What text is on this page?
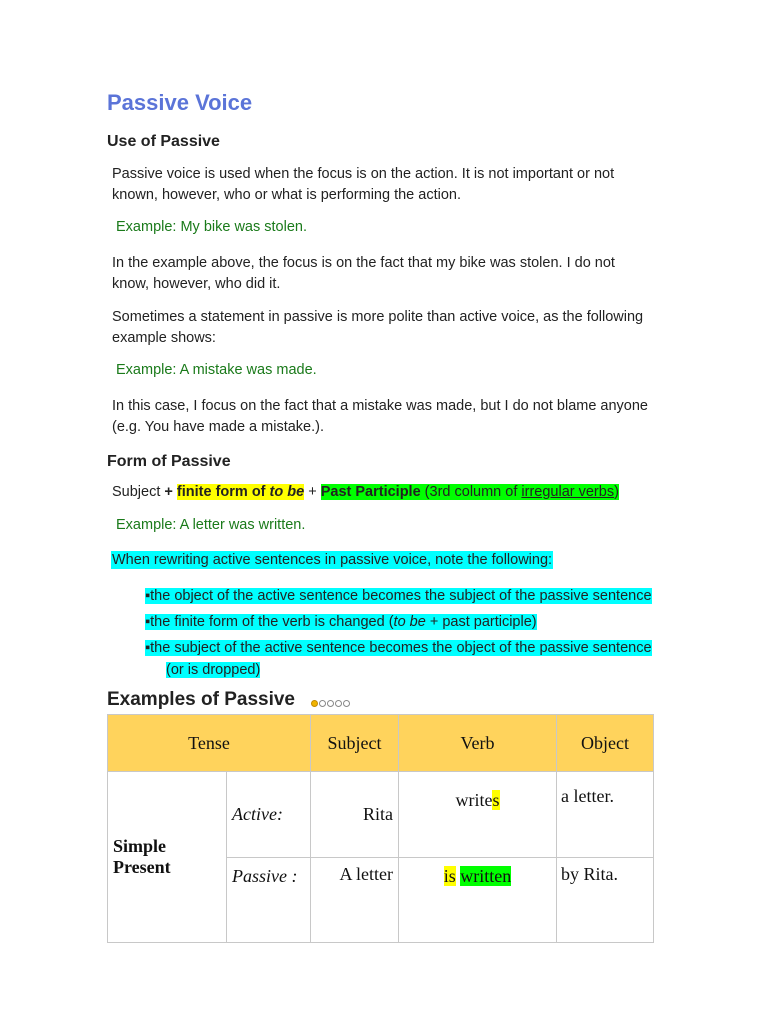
Passive Voice
Use of Passive
Passive voice is used when the focus is on the action. It is not important or not known, however, who or what is performing the action.
Example: My bike was stolen.
In the example above, the focus is on the fact that my bike was stolen. I do not know, however, who did it.
Sometimes a statement in passive is more polite than active voice, as the following example shows:
Example: A mistake was made.
In this case, I focus on the fact that a mistake was made, but I do not blame anyone (e.g. You have made a mistake.).
Form of Passive
Subject + finite form of to be + Past Participle (3rd column of irregular verbs)
Example: A letter was written.
When rewriting active sentences in passive voice, note the following:
▪the object of the active sentence becomes the subject of the passive sentence
▪the finite form of the verb is changed (to be + past participle)
▪the subject of the active sentence becomes the object of the passive sentence
(or is dropped)
Examples of Passive
Tense		Subject	Verb	Object

Simple Present	Active:	Rita	writes	a letter.

	Passive :	A letter	is written	by Rita.
